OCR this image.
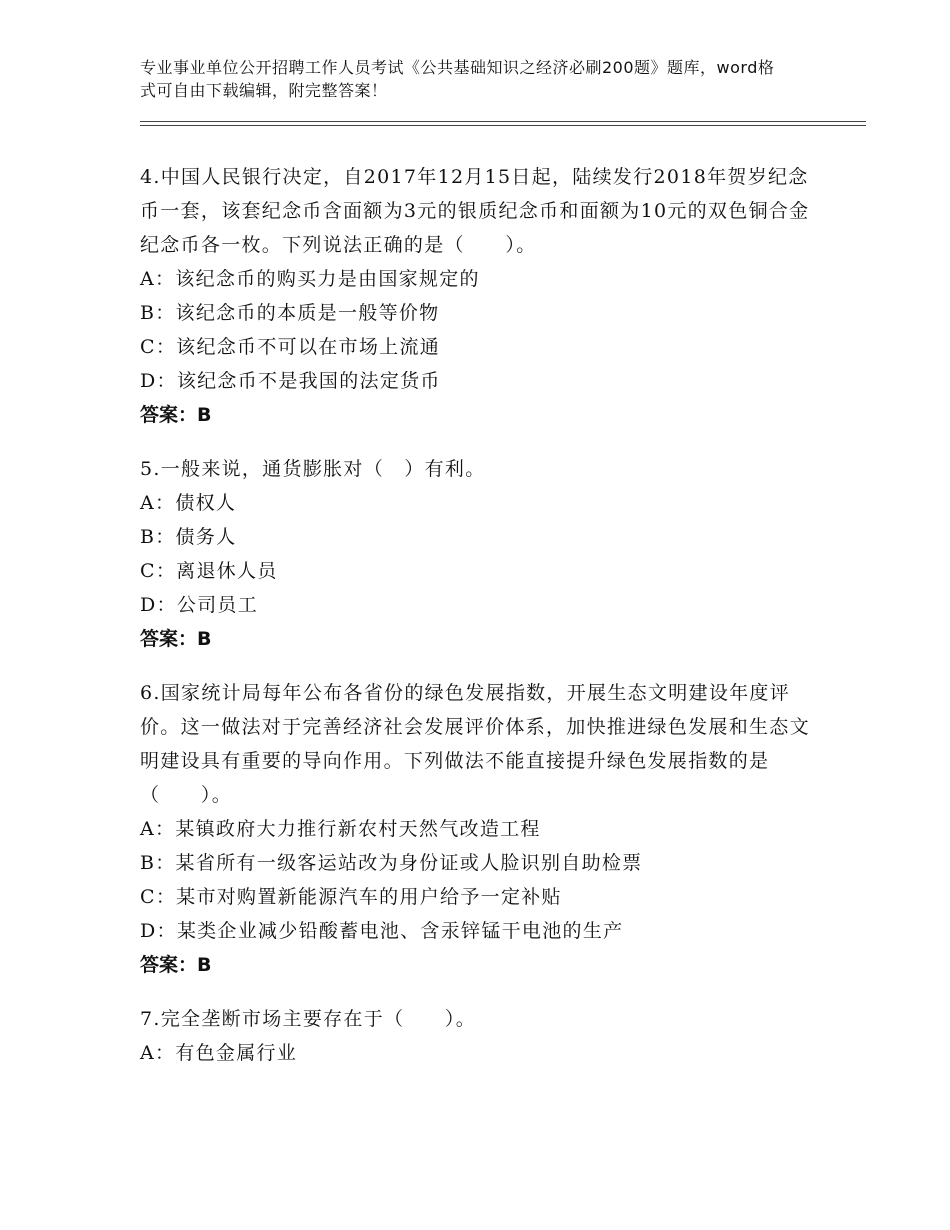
专业事业单位公开招聘工作人员考试《公共基础知识之经济必刷200题》题库，word格式可自由下载编辑，附完整答案！

4.中国人民银行决定，自2017年12月15日起，陆续发行2018年贺岁纪念币一套，该套纪念币含面额为3元的银质纪念币和面额为10元的双色铜合金纪念币各一枚。下列说法正确的是（　　）。

A：该纪念币的购买力是由国家规定的

B：该纪念币的本质是一般等价物

C：该纪念币不可以在市场上流通

D：该纪念币不是我国的法定货币

答案：B

5.一般来说，通货膨胀对（　）有利。

A：债权人

B：债务人

C：离退休人员

D：公司员工

答案：B

6.国家统计局每年公布各省份的绿色发展指数，开展生态文明建设年度评价。这一做法对于完善经济社会发展评价体系，加快推进绿色发展和生态文明建设具有重要的导向作用。下列做法不能直接提升绿色发展指数的是（　　）。

A：某镇政府大力推行新农村天然气改造工程

B：某省所有一级客运站改为身份证或人脸识别自助检票

C：某市对购置新能源汽车的用户给予一定补贴

D：某类企业减少铅酸蓄电池、含汞锌锰干电池的生产

答案：B

7.完全垄断市场主要存在于（　　）。

A：有色金属行业
